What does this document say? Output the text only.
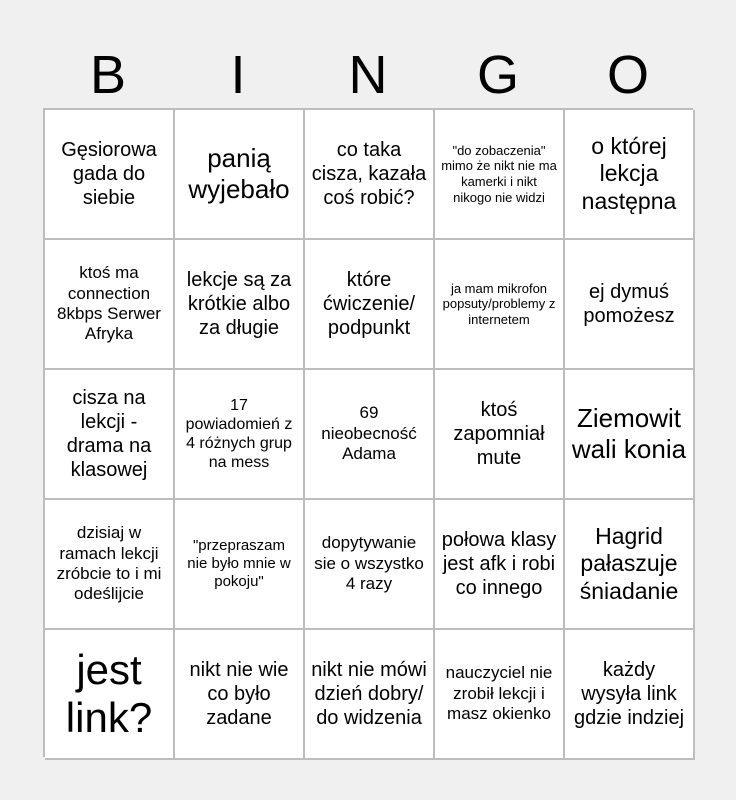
B	I	N	G	O
Gęsiorowa gada do siebie
panią wyjebało
co taka cisza, kazała coś robić?
"do zobaczenia" mimo że nikt nie ma kamerki i nikt nikogo nie widzi
o której lekcja następna
ktoś ma connection 8kbps Serwer Afryka
lekcje są za krótkie albo za długie
które ćwiczenie/ podpunkt
ja mam mikrofon popsuty/problemy z internetem
ej dymuś pomożesz
cisza na lekcji - drama na klasowej
17 powiadomień z 4 różnych grup na mess
69 nieobecność Adama
ktoś zapomniał mute
Ziemowit wali konia
dzisiaj w ramach lekcji zróbcie to i mi odeślijcie
"przepraszam nie było mnie w pokoju"
dopytywanie sie o wszystko 4 razy
połowa klasy jest afk i robi co innego
Hagrid pałaszuje śniadanie
jest link?
nikt nie wie co było zadane
nikt nie mówi dzień dobry/ do widzenia
nauczyciel nie zrobił lekcji i masz okienko
każdy wysyła link gdzie indziej
